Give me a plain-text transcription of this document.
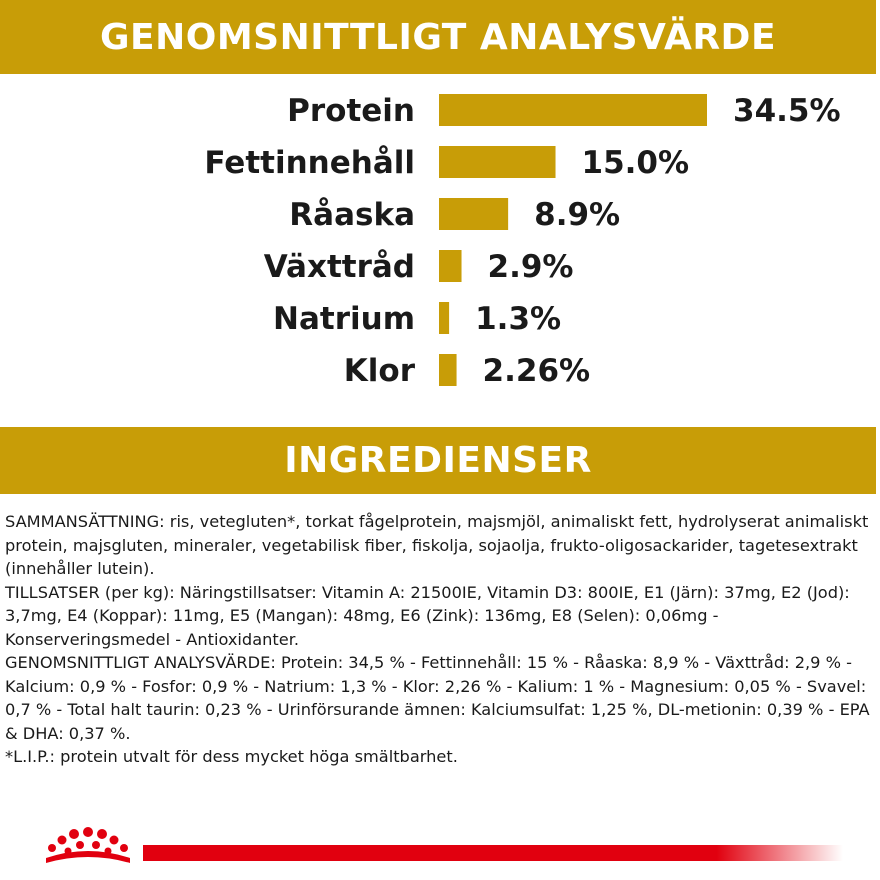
GENOMSNITTLIGT ANALYSVÄRDE
Protein	34.5%
Fettinnehåll	15.0%
Råaska	8.9%
Växttråd 2.9%
Natrium 1.3%
Klor 2.26%
INGREDIENSER

SAMMANSÄTTNING: ris, vetegluten*, torkat fågelprotein, majsmjöl, animaliskt fett, hydrolyserat animaliskt protein, majsgluten, mineraler, vegetabilisk fiber, fiskolja, sojaolja, frukto-oligosackarider, tagetesextrakt (innehåller lutein).

TILLSATSER (per kg): Näringstillsatser: Vitamin A: 21500IE, Vitamin D3: 800IE, E1 (Järn): 37mg, E2 (Jod): 3,7mg, E4 (Koppar): 11mg, E5 (Mangan): 48mg, E6 (Zink): 136mg, E8 (Selen): 0,06mg - Konserveringsmedel - Antioxidanter.

GENOMSNITTLIGT ANALYSVÄRDE: Protein: 34,5 % - Fettinnehåll: 15 % - Råaska: 8,9 % - Växttråd: 2,9 % - Kalcium: 0,9 % - Fosfor: 0,9 % - Natrium: 1,3 % - Klor: 2,26 % - Kalium: 1 % - Magnesium: 0,05 % - Svavel: 0,7 % - Total halt taurin: 0,23 % - Urinförsurande ämnen: Kalciumsulfat: 1,25 %, DL-metionin: 0,39 % - EPA & DHA: 0,37 %.

*L.I.P.: protein utvalt för dess mycket höga smältbarhet.
